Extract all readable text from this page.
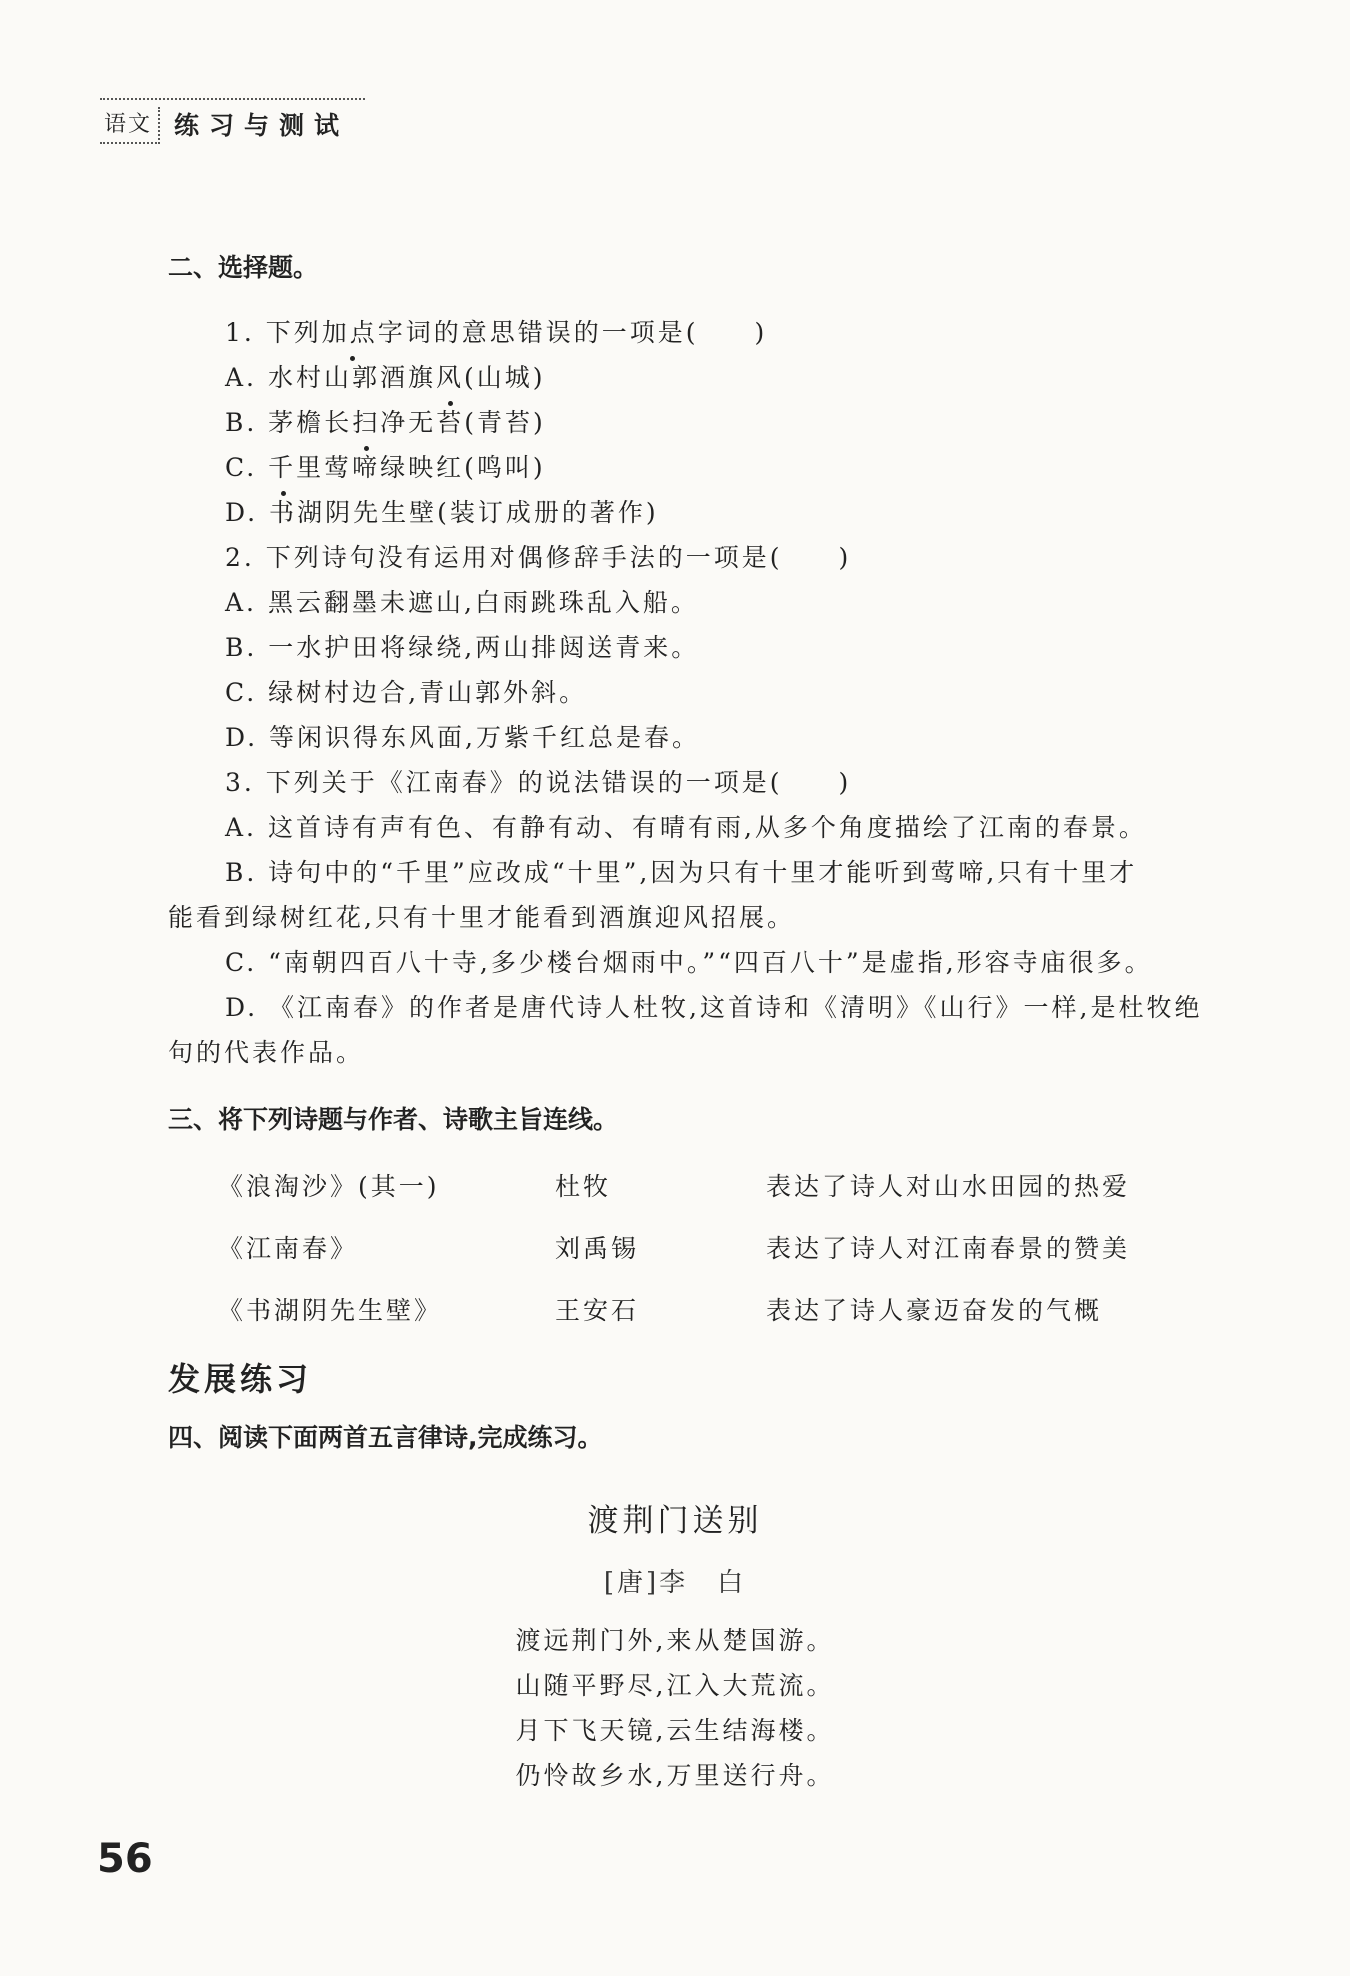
语文 练习与测试
二、选择题。
1. 下列加点字词的意思错误的一项是(　　)
A. 水村山郭酒旗风(山城)
B. 茅檐长扫净无苔(青苔)
C. 千里莺啼绿映红(鸣叫)
D. 书湖阴先生壁(装订成册的著作)
2. 下列诗句没有运用对偶修辞手法的一项是(　　)
A. 黑云翻墨未遮山,白雨跳珠乱入船。
B. 一水护田将绿绕,两山排闼送青来。
C. 绿树村边合,青山郭外斜。
D. 等闲识得东风面,万紫千红总是春。
3. 下列关于《江南春》的说法错误的一项是(　　)
A. 这首诗有声有色、有静有动、有晴有雨,从多个角度描绘了江南的春景。
B. 诗句中的“千里”应改成“十里”,因为只有十里才能听到莺啼,只有十里才
能看到绿树红花,只有十里才能看到酒旗迎风招展。
C. “南朝四百八十寺,多少楼台烟雨中。”“四百八十”是虚指,形容寺庙很多。
D. 《江南春》的作者是唐代诗人杜牧,这首诗和《清明》《山行》一样,是杜牧绝
句的代表作品。
三、将下列诗题与作者、诗歌主旨连线。
《浪淘沙》(其一)	杜牧	表达了诗人对山水田园的热爱
《江南春》	刘禹锡	表达了诗人对江南春景的赞美
《书湖阴先生壁》	王安石	表达了诗人豪迈奋发的气概
发展练习
四、阅读下面两首五言律诗,完成练习。
渡荆门送别
[唐]李　白
渡远荆门外,来从楚国游。
山随平野尽,江入大荒流。
月下飞天镜,云生结海楼。
仍怜故乡水,万里送行舟。
56
